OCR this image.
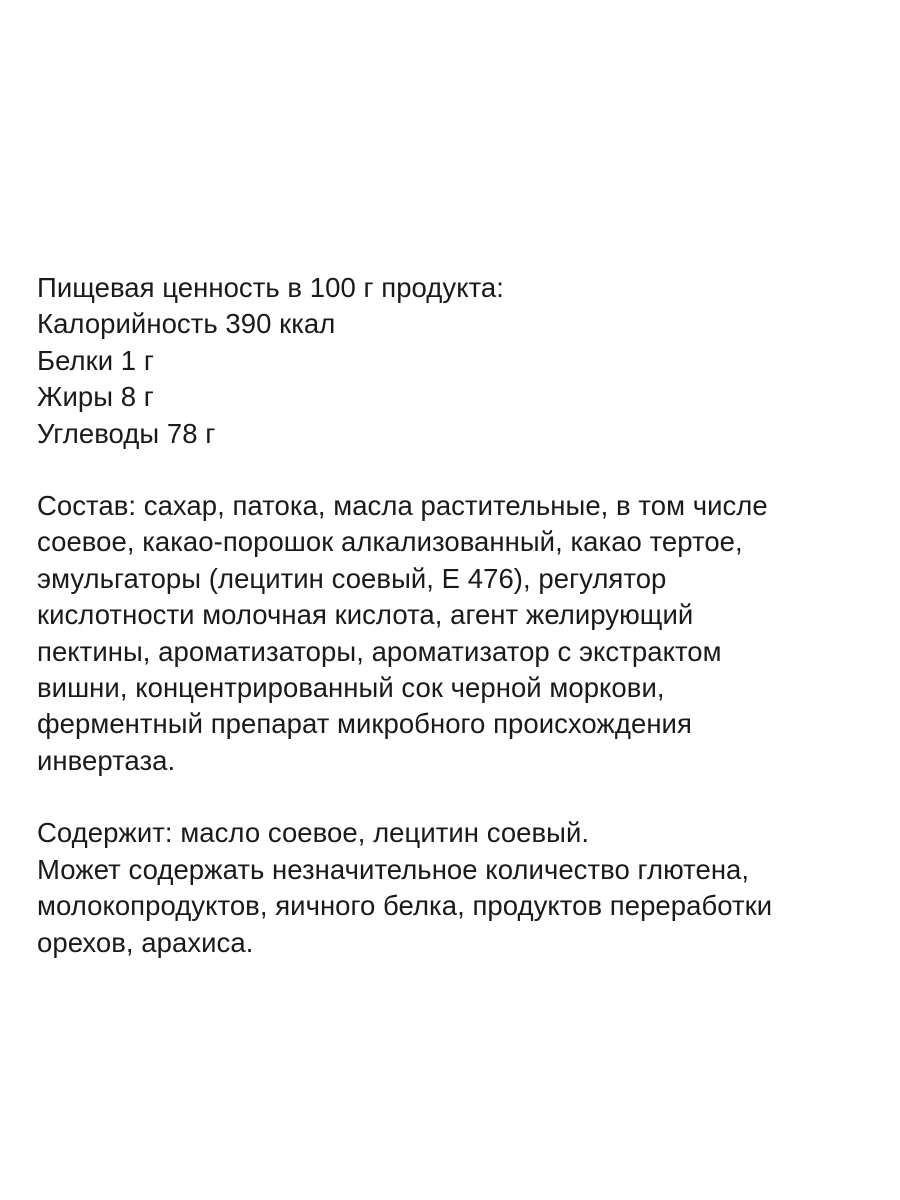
Пищевая ценность в 100 г продукта:
Калорийность 390 ккал
Белки 1 г
Жиры 8 г
Углеводы 78 г
Состав: сахар, патока, масла растительные, в том числе
соевое, какао-порошок алкализованный, какао тертое,
эмульгаторы (лецитин соевый, Е 476), регулятор
кислотности молочная кислота, агент желирующий
пектины, ароматизаторы, ароматизатор с экстрактом
вишни, концентрированный сок черной моркови,
ферментный препарат микробного происхождения
инвертаза.
Содержит: масло соевое, лецитин соевый.
Может содержать незначительное количество глютена,
молокопродуктов, яичного белка, продуктов переработки
орехов, арахиса.
